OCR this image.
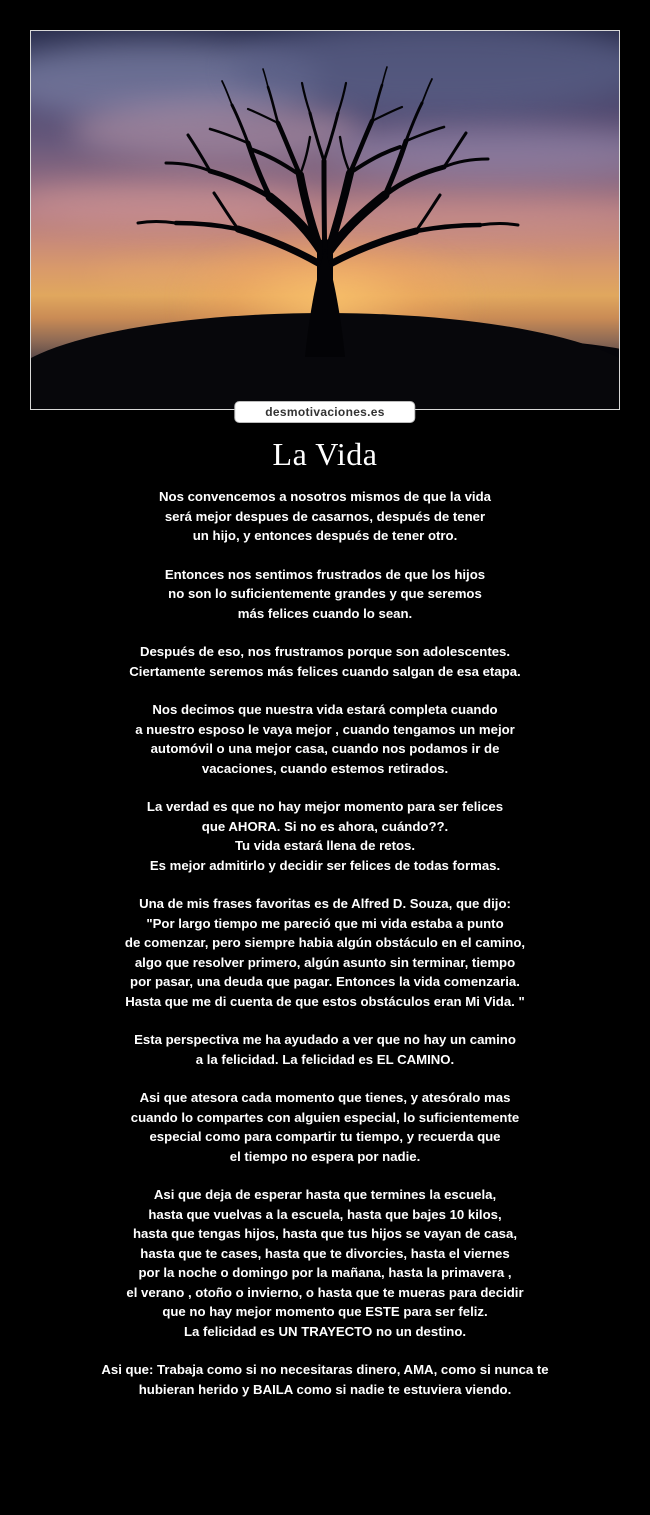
desmotivaciones.es
La Vida

Nos convencemos a nosotros mismos de que la vida
será mejor despues de casarnos, después de tener
un hijo, y entonces después de tener otro.

Entonces nos sentimos frustrados de que los hijos
no son lo suficientemente grandes y que seremos
más felices cuando lo sean.

Después de eso, nos frustramos porque son adolescentes.
Ciertamente seremos más felices cuando salgan de esa etapa.

Nos decimos que nuestra vida estará completa cuando
a nuestro esposo le vaya mejor , cuando tengamos un mejor
automóvil o una mejor casa, cuando nos podamos ir de
vacaciones, cuando estemos retirados.

La verdad es que no hay mejor momento para ser felices
que AHORA. Si no es ahora, cuándo??.
Tu vida estará llena de retos.
Es mejor admitirlo y decidir ser felices de todas formas.

Una de mis frases favoritas es de Alfred D. Souza, que dijo:
"Por largo tiempo me pareció que mi vida estaba a punto
de comenzar, pero siempre habia algún obstáculo en el camino,
algo que resolver primero, algún asunto sin terminar, tiempo
por pasar, una deuda que pagar. Entonces la vida comenzaria.
Hasta que me di cuenta de que estos obstáculos eran Mi Vida. "

Esta perspectiva me ha ayudado a ver que no hay un camino
a la felicidad. La felicidad es EL CAMINO.

Asi que atesora cada momento que tienes, y atesóralo mas
cuando lo compartes con alguien especial, lo suficientemente
especial como para compartir tu tiempo, y recuerda que
el tiempo no espera por nadie.

Asi que deja de esperar hasta que termines la escuela,
hasta que vuelvas a la escuela, hasta que bajes 10 kilos,
hasta que tengas hijos, hasta que tus hijos se vayan de casa,
hasta que te cases, hasta que te divorcies, hasta el viernes
por la noche o domingo por la mañana, hasta la primavera ,
el verano , otoño o invierno, o hasta que te mueras para decidir
que no hay mejor momento que ESTE para ser feliz.
La felicidad es UN TRAYECTO no un destino.

Asi que: Trabaja como si no necesitaras dinero, AMA, como si nunca te
hubieran herido y BAILA como si nadie te estuviera viendo.
